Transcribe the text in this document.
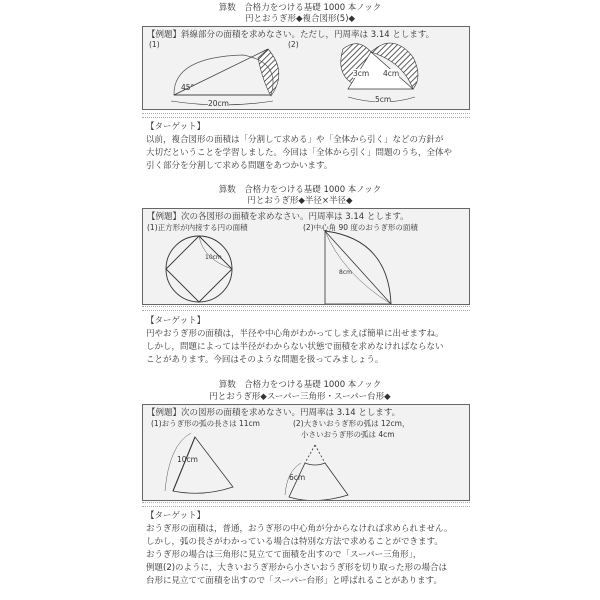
算数　合格力をつける基礎 1000 本ノック
円とおうぎ形◆複合図形(5)◆
【例題】斜線部分の面積を求めなさい。ただし，円周率は 3.14 とします。
(1)	(2)
45°
20cm
3cm 4cm
5cm
【ターゲット】
以前，複合図形の面積は「分割して求める」や「全体から引く」などの方針が
大切だということを学習しました。今回は「全体から引く」問題のうち，全体や
引く部分を分割して求める問題をあつかいます。
算数　合格力をつける基礎 1000 本ノック
円とおうぎ形◆半径×半径◆
【例題】次の各図形の面積を求めなさい。円周率は 3.14 とします。
(1)正方形が内接する円の面積	(2)中心角 90 度のおうぎ形の面積
10cm
8cm
【ターゲット】
円やおうぎ形の面積は，半径や中心角がわかってしまえば簡単に出せますね。
しかし，問題によっては半径がわからない状態で面積を求めなければならない
ことがあります。今回はそのような問題を扱ってみましょう。
算数　合格力をつける基礎 1000 本ノック
円とおうぎ形◆スーパー三角形・スーパー台形◆
【例題】次の図形の面積を求めなさい。円周率は 3.14 とします。
(1)おうぎ形の弧の長さは 11cm	(2)大きいおうぎ形の弧は 12cm，
小さいおうぎ形の弧は 4cm
10cm
6cm
【ターゲット】
おうぎ形の面積は，普通，おうぎ形の中心角が分からなければ求められません。
しかし，弧の長さがわかっている場合は特別な方法で求めることができます。
おうぎ形の場合は三角形に見立てて面積を出すので「スーパー三角形」，
例題(2)のように，大きいおうぎ形から小さいおうぎ形を切り取った形の場合は
台形に見立てて面積を出すので「スーパー台形」と呼ばれることがあります。
